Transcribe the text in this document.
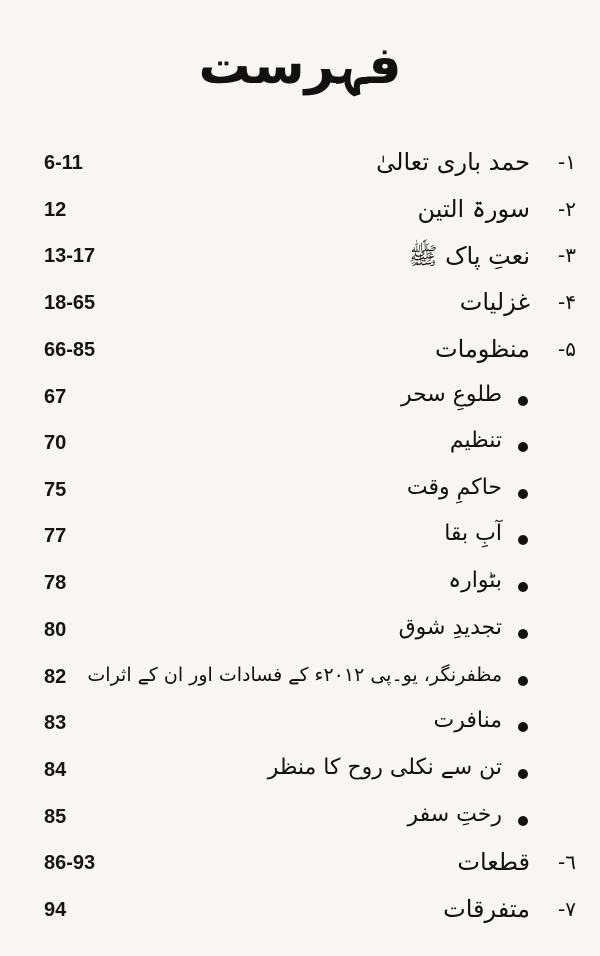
فہرست
6-11	حمد باری تعالیٰ ١-
12	سورۃ التین ٢-
13-17	نعتِ پاک ﷺ ٣-
18-65	غزلیات ۴-
66-85	منظومات ۵-
67	طلوعِ سحر
70	تنظیم
75	حاکمِ وقت
77	آبِ بقا
78	بٹوارہ
80	تجدیدِ شوق
82 مظفرنگر، یو۔پی ۲۰۱۲ء کے فسادات اور ان کے اثرات
83	منافرت
84	تن سے نکلی روح کا منظر
85	رختِ سفر
86-93	قطعات ٦-
94	متفرقات ۷-
